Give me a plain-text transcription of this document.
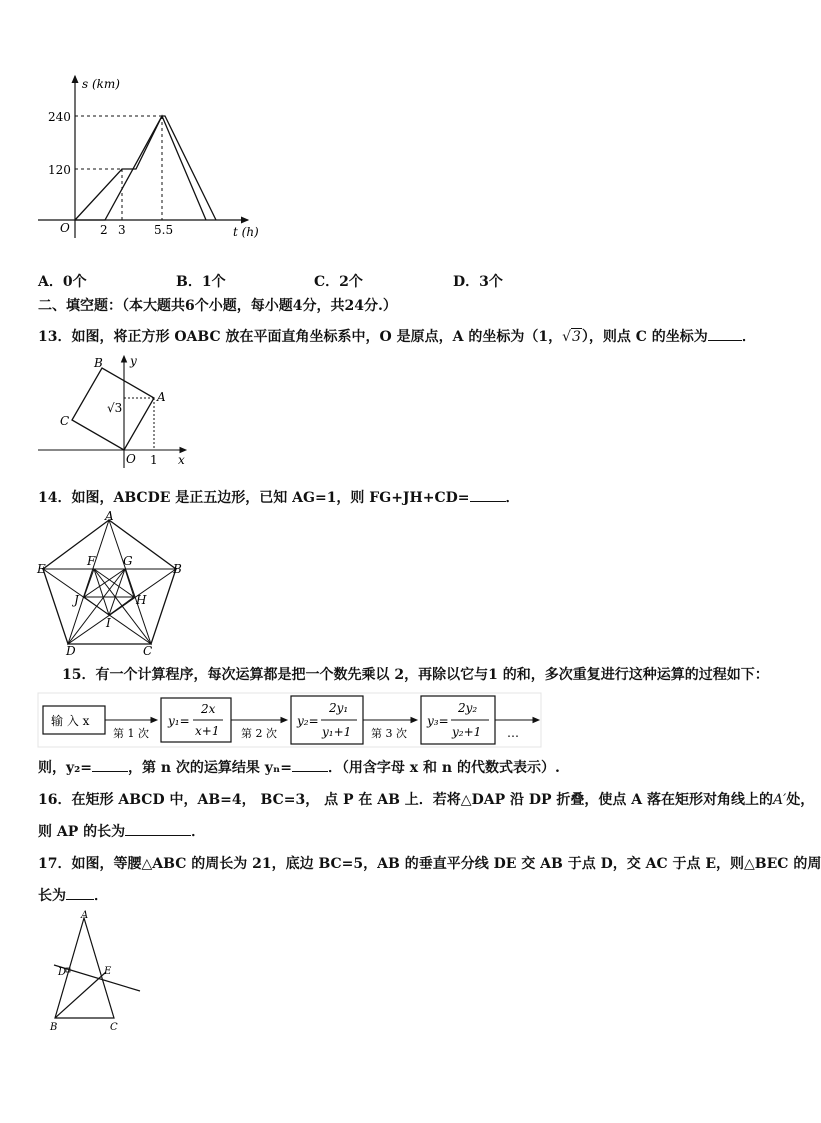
s (km)
t (h)
O
240
120
2 3 5.5
A．0个	B．1个	C．2个	D．3个
二、填空题：（本大题共6个小题，每小题4分，共24分.）
13．如图，将正方形 OABC 放在平面直角坐标系中，O 是原点，A 的坐标为（1，√3），则点 C 的坐标为 ．
B y
A
C
√3
O 1 x
14．如图，ABCDE 是正五边形，已知 AG=1，则 FG+JH+CD=	．
A
B
C
D
E
F G
H
I
J
15．有一个计算程序，每次运算都是把一个数先乘以 2，再除以它与1 的和，多次重复进行这种运算的过程如下：
输 入 x
第 1 次
y₁=
2x
x+1 第 2 次
y₂=
2y₁
y₁+1 第 3 次
y₃=
2y₂
y₂+1 …
则，y₂=	，第 n 次的运算结果 yₙ=	．（用含字母 x 和 n 的代数式表示）.
16．在矩形 ABCD 中，AB=4， BC=3， 点 P 在 AB 上．若将△DAP 沿 DP 折叠，使点 A 落在矩形对角线上的A′处，
则 AP 的长为	．
17．如图，等腰△ABC 的周长为 21，底边 BC=5，AB 的垂直平分线 DE 交 AB 于点 D，交 AC 于点 E，则△BEC 的周
长为 ．
A
B	C
D	E
